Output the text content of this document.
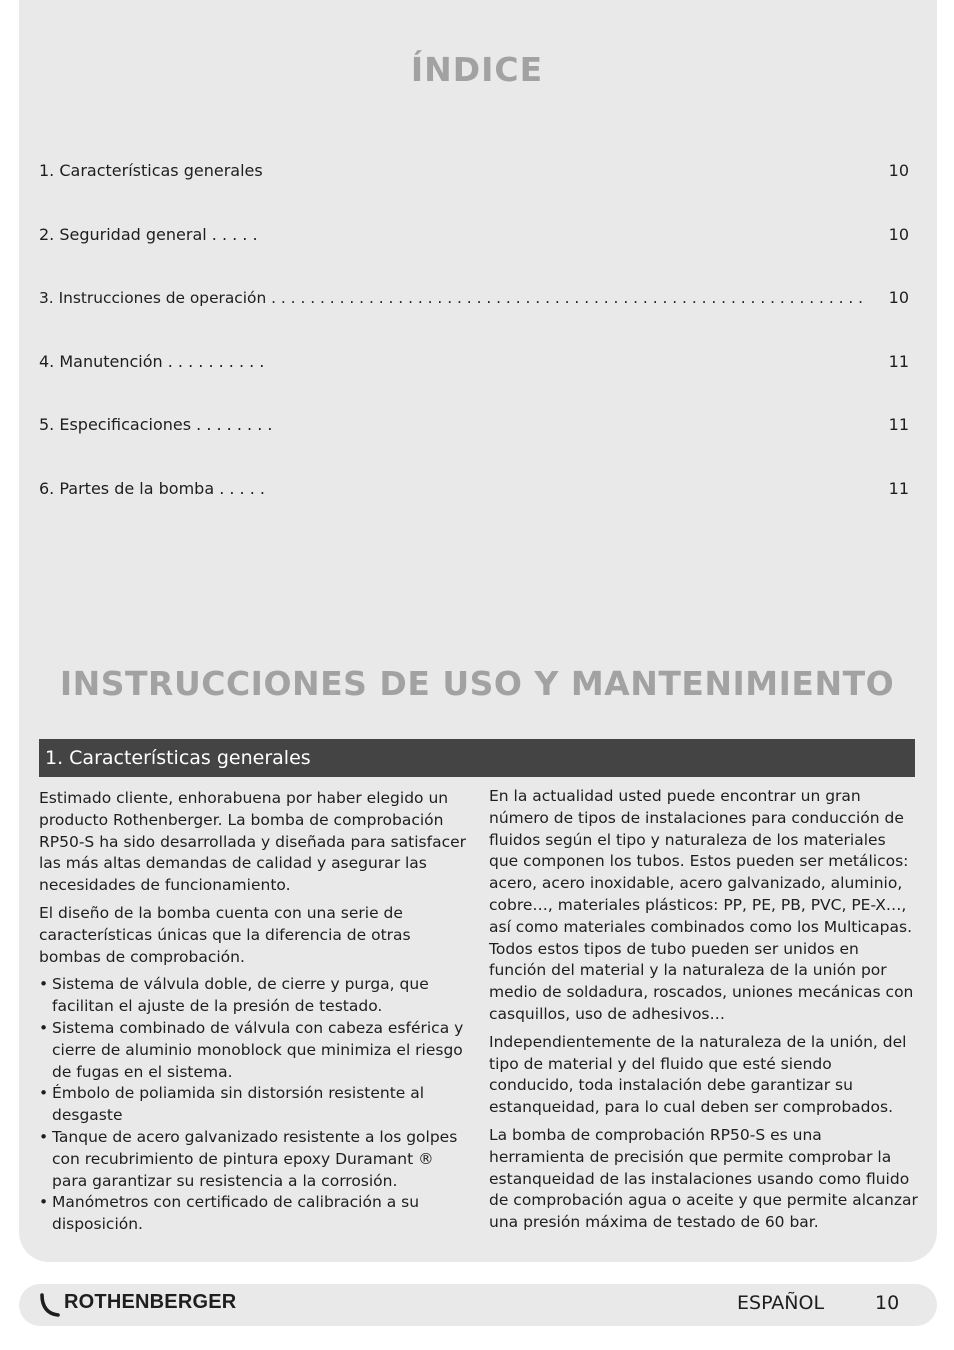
ÍNDICE
1. Características generales	10
2. Seguridad general . . . . .	10
3. Instrucciones de operación . . . . . . . . . . . . . . . . . . . . . . . . . . . . . . . . . . . . . . . . . . . . . . . . . . . . . . . . . . . . . 10
4. Manutención . . . . . . . . . .	11
5. Especificaciones . . . . . . . .	11
6. Partes de la bomba . . . . .	11
INSTRUCCIONES DE USO Y MANTENIMIENTO
1. Características generales

Estimado cliente, enhorabuena por haber elegido un producto Rothenberger. La bomba de comprobación RP50-S ha sido desarrollada y diseñada para satisfacer las más altas demandas de calidad y asegurar las necesidades de funcionamiento.

El diseño de la bomba cuenta con una serie de características únicas que la diferencia de otras bombas de comprobación.

• Sistema de válvula doble, de cierre y purga, que facilitan el ajuste de la presión de testado.
• Sistema combinado de válvula con cabeza esférica y cierre de aluminio monoblock que minimiza el riesgo de fugas en el sistema.
• Émbolo de poliamida sin distorsión resistente al desgaste
• Tanque de acero galvanizado resistente a los golpes con recubrimiento de pintura epoxy Duramant ® para garantizar su resistencia a la corrosión.
• Manómetros con certificado de calibración a su disposición.

En la actualidad usted puede encontrar un gran número de tipos de instalaciones para conducción de fluidos según el tipo y naturaleza de los materiales que componen los tubos. Estos pueden ser metálicos: acero, acero inoxidable, acero galvanizado, aluminio, cobre…, materiales plásticos: PP, PE, PB, PVC, PE-X…, así como materiales combinados como los Multicapas. Todos estos tipos de tubo pueden ser unidos en función del material y la naturaleza de la unión por medio de soldadura, roscados, uniones mecánicas con casquillos, uso de adhesivos…

Independientemente de la naturaleza de la unión, del tipo de material y del fluido que esté siendo conducido, toda instalación debe garantizar su estanqueidad, para lo cual deben ser comprobados.

La bomba de comprobación RP50-S es una herramienta de precisión que permite comprobar la estanqueidad de las instalaciones usando como fluido de comprobación agua o aceite y que permite alcanzar una presión máxima de testado de 60 bar.

ROTHENBERGER	ESPAÑOL	10
